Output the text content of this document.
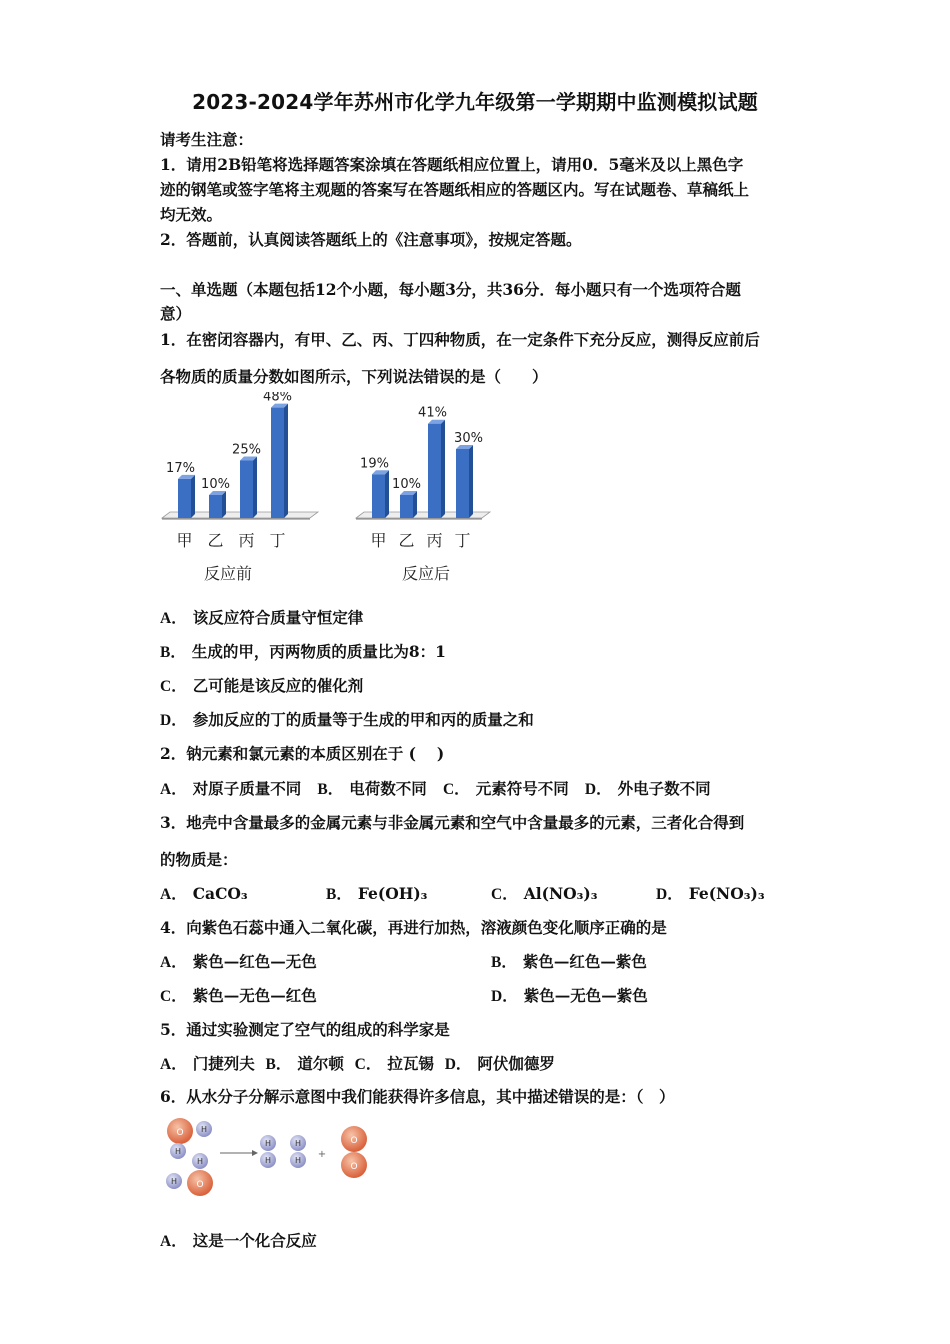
2023-2024学年苏州市化学九年级第一学期期中监测模拟试题
请考生注意：
1．请用2B铅笔将选择题答案涂填在答题纸相应位置上，请用0．5毫米及以上黑色字
迹的钢笔或签字笔将主观题的答案写在答题纸相应的答题区内。写在试题卷、草稿纸上
均无效。
2．答题前，认真阅读答题纸上的《注意事项》，按规定答题。
一、单选题（本题包括12个小题，每小题3分，共36分．每小题只有一个选项符合题
意）
1．在密闭容器内，有甲、乙、丙、丁四种物质，在一定条件下充分反应，测得反应前后
各物质的质量分数如图所示，下列说法错误的是（　　）
17%
甲
10%
乙
25%
丙
48%
丁
反应前
19%
甲
10%
乙
41%
丙
30%
丁
反应后
A． 该反应符合质量守恒定律
B． 生成的甲，丙两物质的质量比为8：1
C． 乙可能是该反应的催化剂
D． 参加反应的丁的质量等于生成的甲和丙的质量之和
2．钠元素和氯元素的本质区别在于 (　 )
A． 对原子质量不同 B． 电荷数不同 C． 元素符号不同 D． 外电子数不同
3．地壳中含量最多的金属元素与非金属元素和空气中含量最多的元素，三者化合得到
的物质是：
A． CaCO₃	B． Fe(OH)₃	C． Al(NO₃)₃	D． Fe(NO₃)₃
4．向紫色石蕊中通入二氧化碳，再进行加热，溶液颜色变化顺序正确的是
A． 紫色—红色—无色	B． 紫色—红色—紫色
C． 紫色—无色—红色	D． 紫色—无色—紫色
5．通过实验测定了空气的组成的科学家是
A． 门捷列夫 B． 道尔顿 C． 拉瓦锡 D． 阿伏伽德罗
6．从水分子分解示意图中我们能获得许多信息，其中描述错误的是：（　）
O H
H
H
H O
H
H
H
H
+
O
O
A． 这是一个化合反应
